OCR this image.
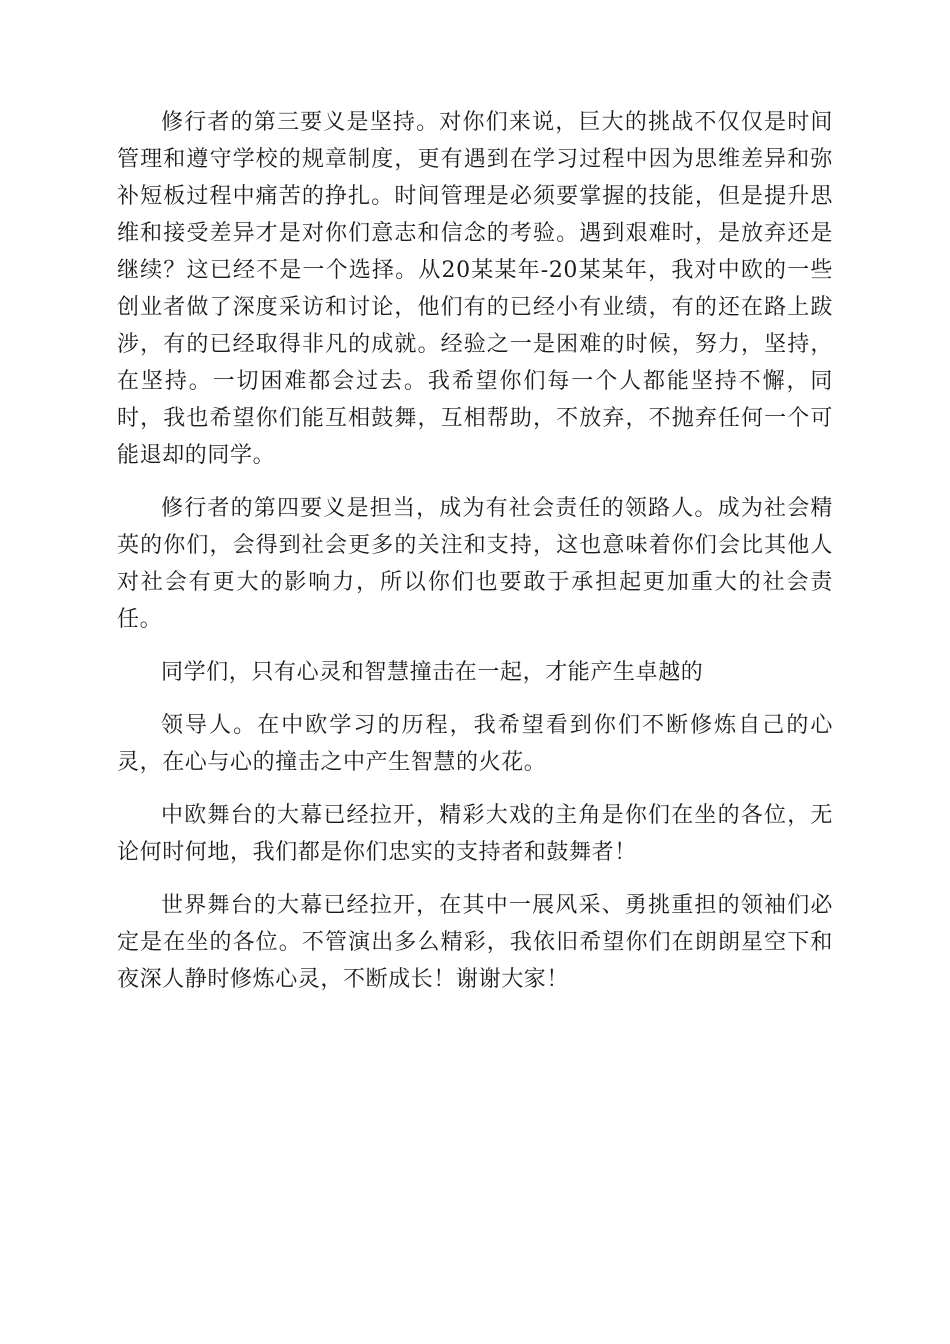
修行者的第三要义是坚持。对你们来说，巨大的挑战不仅仅是时间管理和遵守学校的规章制度，更有遇到在学习过程中因为思维差异和弥补短板过程中痛苦的挣扎。时间管理是必须要掌握的技能，但是提升思维和接受差异才是对你们意志和信念的考验。遇到艰难时，是放弃还是继续？这已经不是一个选择。从20某某年-20某某年，我对中欧的一些创业者做了深度采访和讨论，他们有的已经小有业绩，有的还在路上跋涉，有的已经取得非凡的成就。经验之一是困难的时候，努力，坚持，在坚持。一切困难都会过去。我希望你们每一个人都能坚持不懈，同时，我也希望你们能互相鼓舞，互相帮助，不放弃，不抛弃任何一个可能退却的同学。

修行者的第四要义是担当，成为有社会责任的领路人。成为社会精英的你们，会得到社会更多的关注和支持，这也意味着你们会比其他人对社会有更大的影响力，所以你们也要敢于承担起更加重大的社会责任。

同学们，只有心灵和智慧撞击在一起，才能产生卓越的

领导人。在中欧学习的历程，我希望看到你们不断修炼自己的心灵，在心与心的撞击之中产生智慧的火花。

中欧舞台的大幕已经拉开，精彩大戏的主角是你们在坐的各位，无论何时何地，我们都是你们忠实的支持者和鼓舞者！

世界舞台的大幕已经拉开，在其中一展风采、勇挑重担的领袖们必定是在坐的各位。不管演出多么精彩，我依旧希望你们在朗朗星空下和夜深人静时修炼心灵，不断成长！谢谢大家！
